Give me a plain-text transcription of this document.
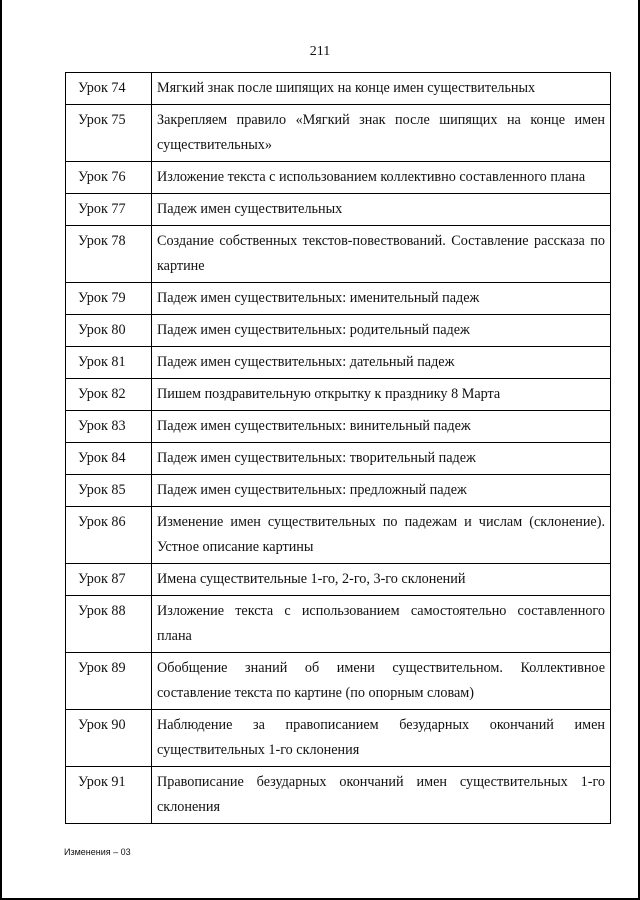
211
Урок 74	Мягкий знак после шипящих на конце имен существительных
Урок 75	Закрепляем правило «Мягкий знак после шипящих на конце имен существительных»
Урок 76	Изложение текста с использованием коллективно составленного плана
Урок 77	Падеж имен существительных
Урок 78	Создание собственных текстов-повествований. Составление рассказа по картине
Урок 79	Падеж имен существительных: именительный падеж
Урок 80	Падеж имен существительных: родительный падеж
Урок 81	Падеж имен существительных: дательный падеж
Урок 82	Пишем поздравительную открытку к празднику 8 Марта
Урок 83	Падеж имен существительных: винительный падеж
Урок 84	Падеж имен существительных: творительный падеж
Урок 85	Падеж имен существительных: предложный падеж
Урок 86	Изменение имен существительных по падежам и числам (склонение). Устное описание картины
Урок 87	Имена существительные 1-го, 2-го, 3-го склонений
Урок 88	Изложение текста с использованием самостоятельно составленного плана
Урок 89	Обобщение знаний об имени существительном. Коллективное составление текста по картине (по опорным словам)
Урок 90	Наблюдение за правописанием безударных окончаний имен существительных 1-го склонения
Урок 91	Правописание безударных окончаний имен существительных 1-го склонения
Изменения – 03
